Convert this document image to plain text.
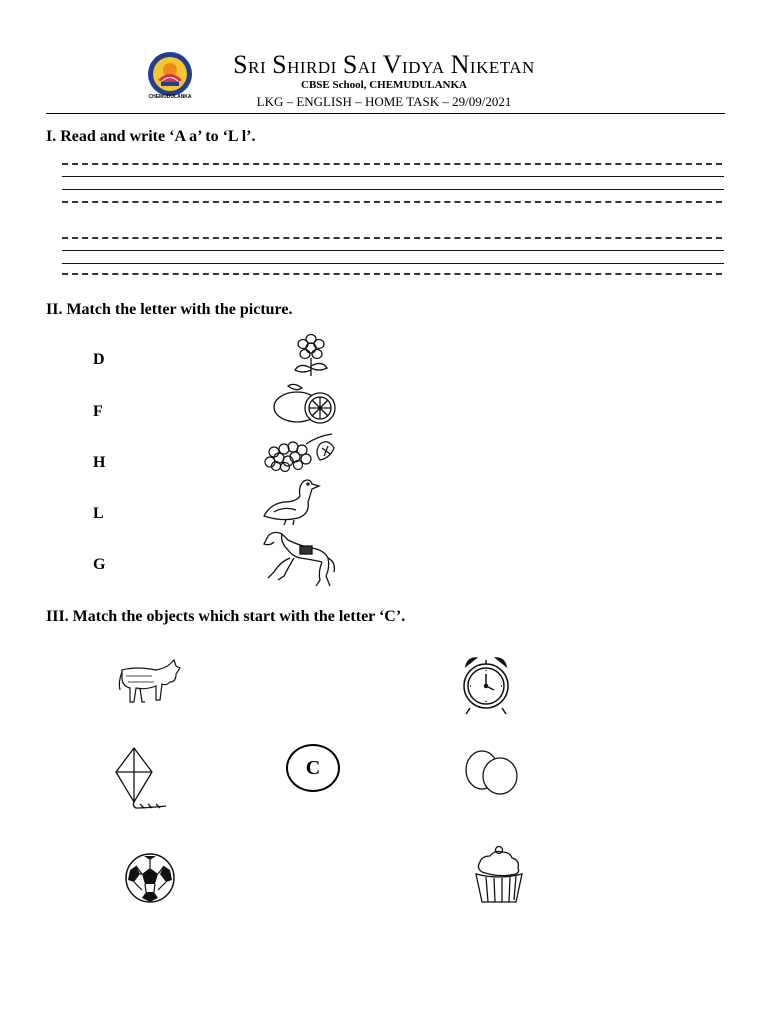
CHEMUDULANKA
SRI SHIRDI SAI VIDYA NIKETAN
CBSE School, CHEMUDULANKA
LKG – ENGLISH – HOME TASK – 29/09/2021
I. Read and write ‘A a’ to ‘L l’.
II. Match the letter with the picture.
D
F
H
L
G
III. Match the objects which start with the letter ‘C’.
C
